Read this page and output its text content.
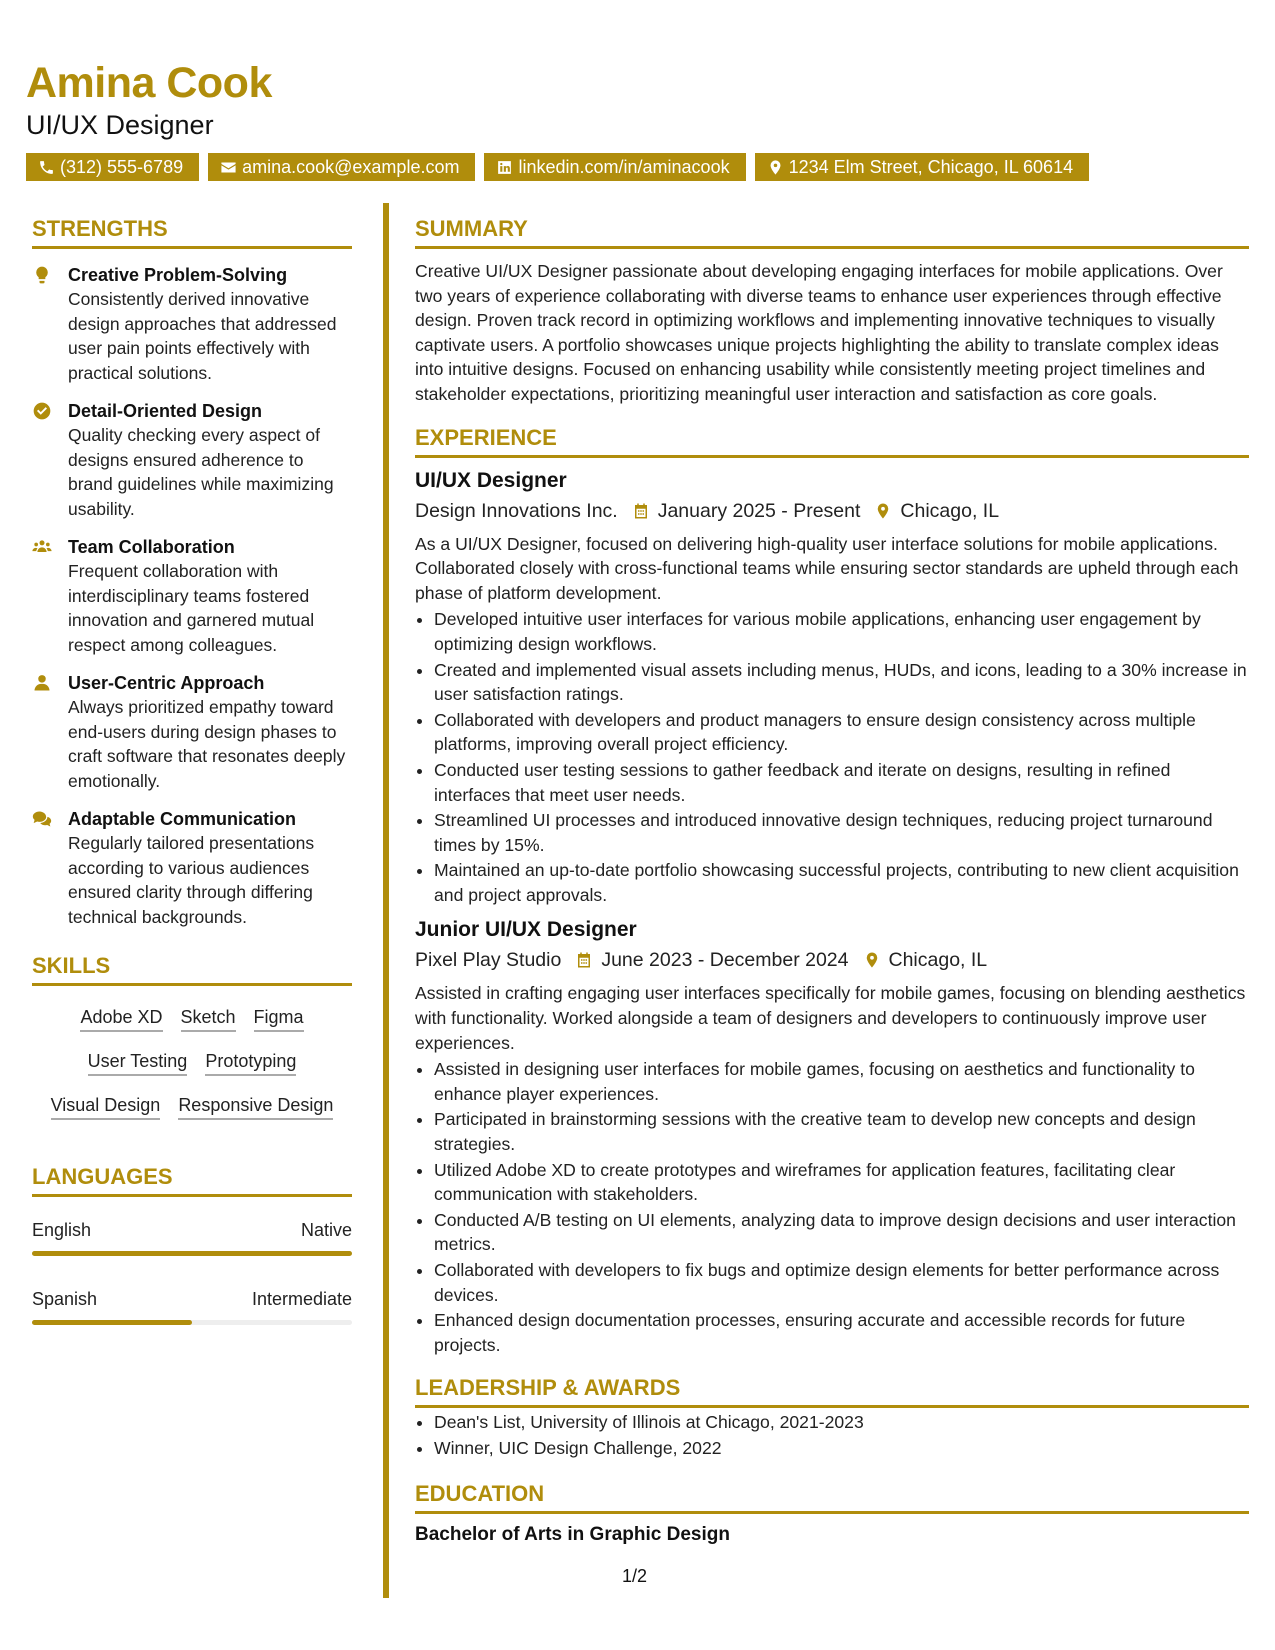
Amina Cook
UI/UX Designer
(312) 555-6789	amina.cook@example.com	linkedin.com/in/aminacook	1234 Elm Street, Chicago, IL 60614
STRENGTHS
Creative Problem-Solving
Consistently derived innovative design approaches that addressed user pain points effectively with practical solutions.
Detail-Oriented Design
Quality checking every aspect of designs ensured adherence to brand guidelines while maximizing usability.
Team Collaboration
Frequent collaboration with interdisciplinary teams fostered innovation and garnered mutual respect among colleagues.
User-Centric Approach
Always prioritized empathy toward end-users during design phases to craft software that resonates deeply emotionally.
Adaptable Communication
Regularly tailored presentations according to various audiences ensured clarity through differing technical backgrounds.
SKILLS
Adobe XD Sketch Figma
User Testing Prototyping
Visual Design Responsive Design
LANGUAGES
English	Native
Spanish	Intermediate
SUMMARY
Creative UI/UX Designer passionate about developing engaging interfaces for mobile applications. Over two years of experience collaborating with diverse teams to enhance user experiences through effective design. Proven track record in optimizing workflows and implementing innovative techniques to visually captivate users. A portfolio showcases unique projects highlighting the ability to translate complex ideas into intuitive designs. Focused on enhancing usability while consistently meeting project timelines and stakeholder expectations, prioritizing meaningful user interaction and satisfaction as core goals.
EXPERIENCE
UI/UX Designer
Design Innovations Inc. January 2025 - Present Chicago, IL
As a UI/UX Designer, focused on delivering high-quality user interface solutions for mobile applications. Collaborated closely with cross-functional teams while ensuring sector standards are upheld through each phase of platform development.
• Developed intuitive user interfaces for various mobile applications, enhancing user engagement by optimizing design workflows.
• Created and implemented visual assets including menus, HUDs, and icons, leading to a 30% increase in user satisfaction ratings.
• Collaborated with developers and product managers to ensure design consistency across multiple platforms, improving overall project efficiency.
• Conducted user testing sessions to gather feedback and iterate on designs, resulting in refined interfaces that meet user needs.
• Streamlined UI processes and introduced innovative design techniques, reducing project turnaround times by 15%.
• Maintained an up-to-date portfolio showcasing successful projects, contributing to new client acquisition and project approvals.
Junior UI/UX Designer
Pixel Play Studio June 2023 - December 2024 Chicago, IL
Assisted in crafting engaging user interfaces specifically for mobile games, focusing on blending aesthetics with functionality. Worked alongside a team of designers and developers to continuously improve user experiences.
• Assisted in designing user interfaces for mobile games, focusing on aesthetics and functionality to enhance player experiences.
• Participated in brainstorming sessions with the creative team to develop new concepts and design strategies.
• Utilized Adobe XD to create prototypes and wireframes for application features, facilitating clear communication with stakeholders.
• Conducted A/B testing on UI elements, analyzing data to improve design decisions and user interaction metrics.
• Collaborated with developers to fix bugs and optimize design elements for better performance across devices.
• Enhanced design documentation processes, ensuring accurate and accessible records for future projects.
LEADERSHIP & AWARDS
• Dean's List, University of Illinois at Chicago, 2021-2023
• Winner, UIC Design Challenge, 2022
EDUCATION
Bachelor of Arts in Graphic Design
1/2
